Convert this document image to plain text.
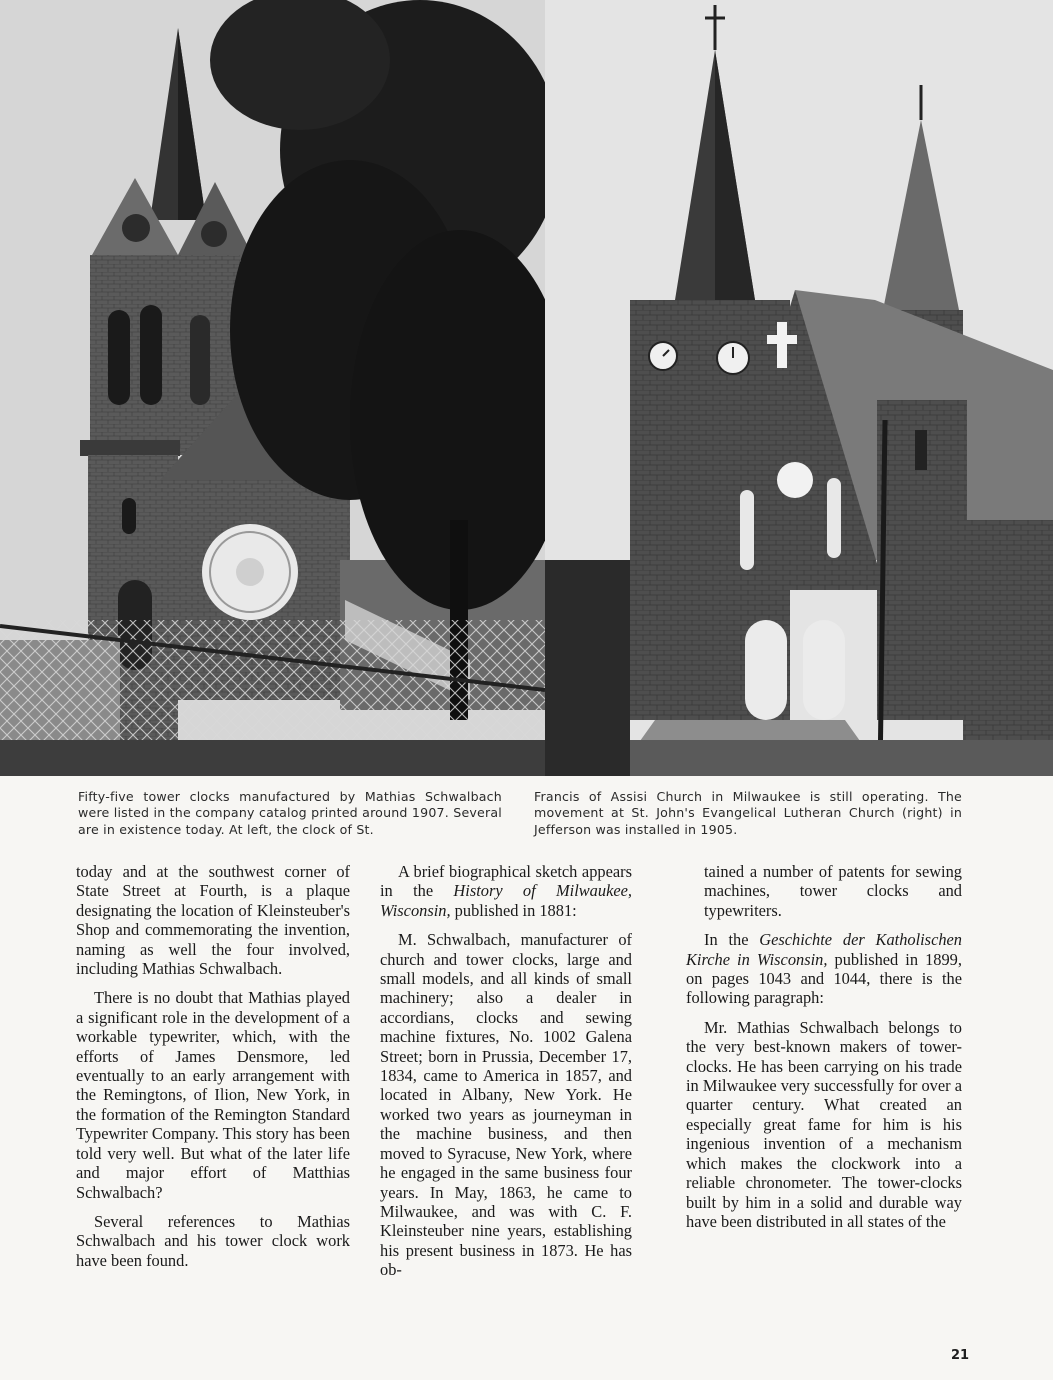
Fifty-five tower clocks manufactured by Mathias Schwalbach were listed in the company catalog printed around 1907. Several are in existence today. At left, the clock of St.
Francis of Assisi Church in Milwaukee is still operating. The movement at St. John's Evangelical Lutheran Church (right) in Jefferson was installed in 1905.

today and at the southwest corner of State Street at Fourth, is a plaque designating the location of Kleinsteuber's Shop and commemorating the invention, naming as well the four involved, including Mathias Schwalbach.

There is no doubt that Mathias played a significant role in the development of a workable typewriter, which, with the efforts of James Densmore, led eventually to an early arrangement with the Remingtons, of Ilion, New York, in the formation of the Remington Standard Typewriter Company. This story has been told very well. But what of the later life and major effort of Matthias Schwalbach?

Several references to Mathias Schwalbach and his tower clock work have been found.

A brief biographical sketch appears in the History of Milwaukee, Wisconsin, published in 1881:

M. Schwalbach, manufacturer of church and tower clocks, large and small models, and all kinds of small machinery; also a dealer in accordians, clocks and sewing machine fixtures, No. 1002 Galena Street; born in Prussia, December 17, 1834, came to America in 1857, and located in Albany, New York. He worked two years as journeyman in the machine business, and then moved to Syracuse, New York, where he engaged in the same business four years. In May, 1863, he came to Milwaukee, and was with C. F. Kleinsteuber nine years, establishing his present business in 1873. He has ob-

tained a number of patents for sewing machines, tower clocks and typewriters.

In the Geschichte der Katholischen Kirche in Wisconsin, published in 1899, on pages 1043 and 1044, there is the following paragraph:

Mr. Mathias Schwalbach belongs to the very best-known makers of tower-clocks. He has been carrying on his trade in Milwaukee very successfully for over a quarter century. What created an especially great fame for him is his ingenious invention of a mechanism which makes the clockwork into a reliable chronometer. The tower-clocks built by him in a solid and durable way have been distributed in all states of the

21
